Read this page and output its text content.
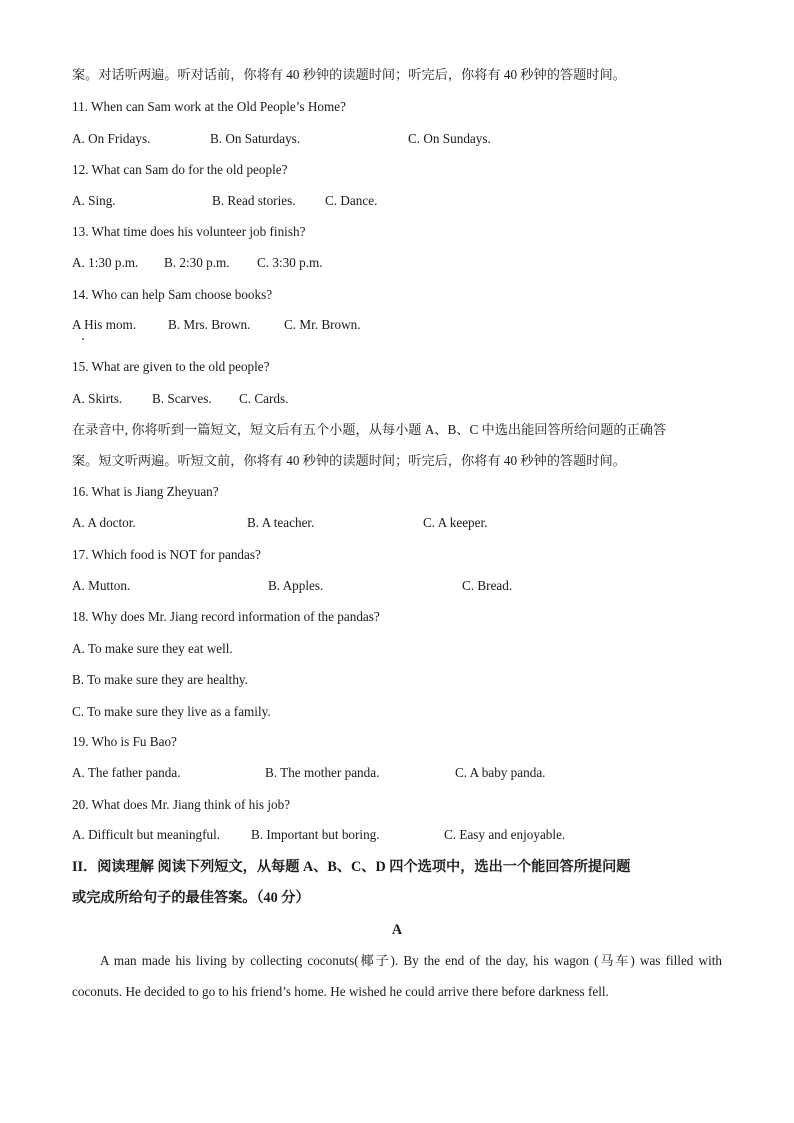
案。对话听两遍。听对话前，你将有 40 秒钟的读题时间；听完后，你将有 40 秒钟的答题时间。
11. When can Sam work at the Old People’s Home?
A. On Fridays.	B. On Saturdays.	C. On Sundays.
12. What can Sam do for the old people?
A. Sing.	B. Read stories. C. Dance.
13. What time does his volunteer job finish?
A. 1:30 p.m. B. 2:30 p.m. C. 3:30 p.m.
14. Who can help Sam choose books?
A His mom. B. Mrs. Brown.	C. Mr. Brown.
15. What are given to the old people?
A. Skirts. B. Scarves. C. Cards.
在录音中, 你将听到一篇短文，短文后有五个小题，从每小题 A、B、C 中选出能回答所给问题的正确答
案。短文听两遍。听短文前，你将有 40 秒钟的读题时间；听完后，你将有 40 秒钟的答题时间。
16. What is Jiang Zheyuan?
A. A doctor.	B. A teacher.	C. A keeper.
17. Which food is NOT for pandas?
A. Mutton.	B. Apples.	C. Bread.
18. Why does Mr. Jiang record information of the pandas?
A. To make sure they eat well.
B. To make sure they are healthy.
C. To make sure they live as a family.
19. Who is Fu Bao?
A. The father panda.	B. The mother panda.	C. A baby panda.
20. What does Mr. Jiang think of his job?
A. Difficult but meaningful. B. Important but boring.	C. Easy and enjoyable.
II．阅读理解 阅读下列短文，从每题 A、B、C、D 四个选项中，选出一个能回答所提问题
或完成所给句子的最佳答案。（40 分）
A
A man made his living by collecting coconuts(椰子). By the end of the day, his wagon (马车) was filled with coconuts. He decided to go to his friend’s home. He wished he could arrive there before darkness fell.
